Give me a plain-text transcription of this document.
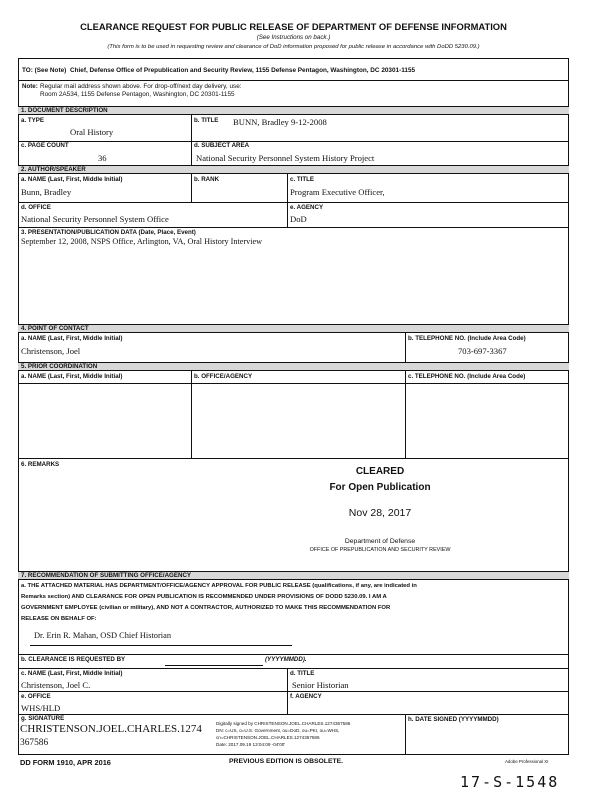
CLEARANCE REQUEST FOR PUBLIC RELEASE OF DEPARTMENT OF DEFENSE INFORMATION
(See Instructions on back.)
(This form is to be used in requesting review and clearance of DoD information proposed for public release in accordance with DoDD 5230.09.)
TO: (See Note) Chief, Defense Office of Prepublication and Security Review, 1155 Defense Pentagon, Washington, DC 20301-1155
Note: Regular mail address shown above. For drop-off/next day delivery, use:
Room 2A534, 1155 Defense Pentagon, Washington, DC 20301-1155
1. DOCUMENT DESCRIPTION
a. TYPE
Oral History
b. TITLE BUNN, Bradley 9-12-2008
c. PAGE COUNT
36
d. SUBJECT AREA
National Security Personnel System History Project
2. AUTHOR/SPEAKER
a. NAME (Last, First, Middle Initial)
Bunn, Bradley
b. RANK	c. TITLE
Program Executive Officer,
d. OFFICE
National Security Personnel System Office
e. AGENCY
DoD
3. PRESENTATION/PUBLICATION DATA (Date, Place, Event)
September 12, 2008, NSPS Office, Arlington, VA, Oral History Interview
4. POINT OF CONTACT
a. NAME (Last, First, Middle Initial)
Christenson, Joel
b. TELEPHONE NO. (Include Area Code)
703-697-3367
5. PRIOR COORDINATION
a. NAME (Last, First, Middle Initial)	b. OFFICE/AGENCY	c. TELEPHONE NO. (Include Area Code)
6. REMARKS
CLEARED
For Open Publication
Nov 28, 2017
Department of Defense
OFFICE OF PREPUBLICATION AND SECURITY REVIEW
7. RECOMMENDATION OF SUBMITTING OFFICE/AGENCY
a. THE ATTACHED MATERIAL HAS DEPARTMENT/OFFICE/AGENCY APPROVAL FOR PUBLIC RELEASE (qualifications, if any, are indicated in
Remarks section) AND CLEARANCE FOR OPEN PUBLICATION IS RECOMMENDED UNDER PROVISIONS OF DODD 5230.09. I AM A
GOVERNMENT EMPLOYEE (civilian or military), AND NOT A CONTRACTOR, AUTHORIZED TO MAKE THIS RECOMMENDATION FOR
RELEASE ON BEHALF OF:
Dr. Erin R. Mahan, OSD Chief Historian
b. CLEARANCE IS REQUESTED BY	(YYYYMMDD).
c. NAME (Last, First, Middle Initial)
Christenson, Joel C.
d. TITLE
Senior Historian
e. OFFICE
WHS/HLD
f. AGENCY
g. SIGNATURE
CHRISTENSON.JOEL.CHARLES.1274
367586
Digitally signed by CHRISTENSON.JOEL.CHARLES.1274367586
DN: c=US, o=U.S. Government, ou=DoD, ou=PKI, ou=WHS,
cn=CHRISTENSON.JOEL.CHARLES.1274367586
Date: 2017.09.19 13:04:09 -04'00'
h. DATE SIGNED (YYYYMMDD)
DD FORM 1910, APR 2016	PREVIOUS EDITION IS OBSOLETE.	Adobe Professional XI
17-S-1548
